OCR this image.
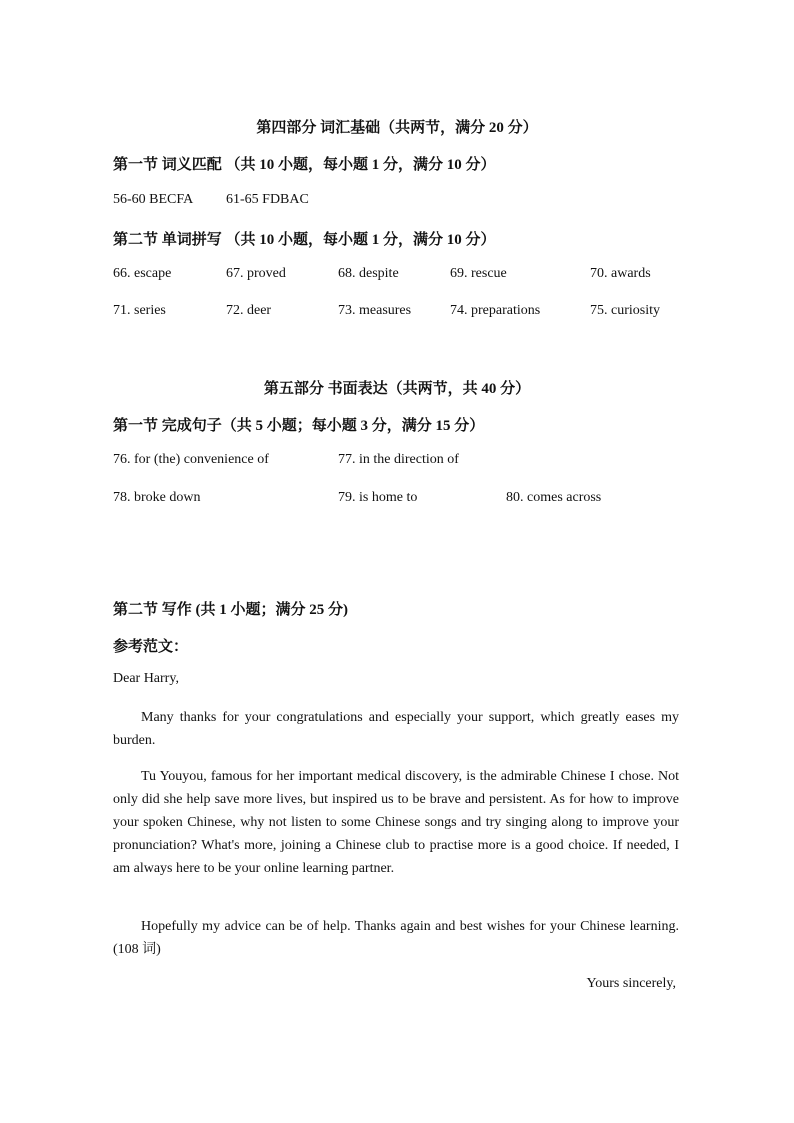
第四部分 词汇基础（共两节，满分 20 分）
第一节 词义匹配 （共 10 小题，每小题 1 分，满分 10 分）
56-60 BECFA 61-65 FDBAC
第二节 单词拼写 （共 10 小题，每小题 1 分，满分 10 分）
66. escape	67. proved	68. despite	69. rescue	70. awards
71. series	72. deer	73. measures	74. preparations	75. curiosity
第五部分 书面表达（共两节，共 40 分）
第一节 完成句子（共 5 小题；每小题 3 分，满分 15 分）
76. for (the) convenience of	77. in the direction of
78. broke down	79. is home to	80. comes across
第二节 写作 (共 1 小题；满分 25 分)
参考范文：
Dear Harry,
Many thanks for your congratulations and especially your support, which greatly eases my burden.
Tu Youyou, famous for her important medical discovery, is the admirable Chinese I chose. Not only did she help save more lives, but inspired us to be brave and persistent. As for how to improve your spoken Chinese, why not listen to some Chinese songs and try singing along to improve your pronunciation? What's more, joining a Chinese club to practise more is a good choice. If needed, I am always here to be your online learning partner.
Hopefully my advice can be of help. Thanks again and best wishes for your Chinese learning. (108 词)
Yours sincerely,
